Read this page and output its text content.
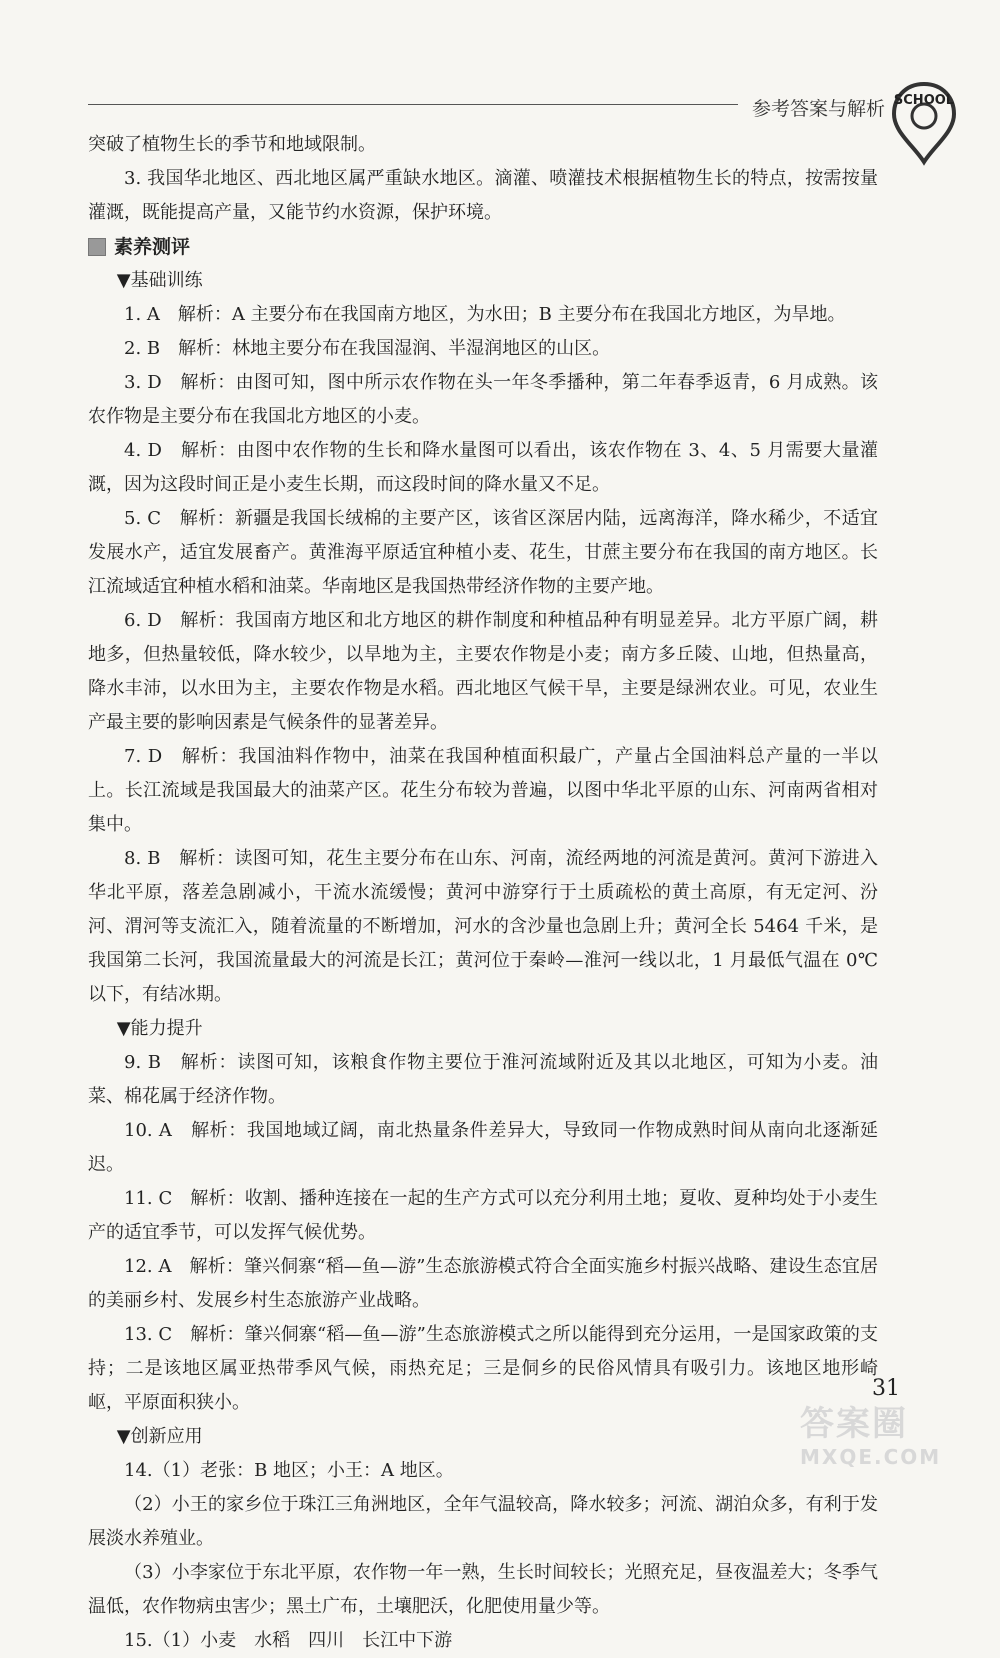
参考答案与解析 SCHOOL

突破了植物生长的季节和地域限制。

3. 我国华北地区、西北地区属严重缺水地区。滴灌、喷灌技术根据植物生长的特点，按需按量灌溉，既能提高产量，又能节约水资源，保护环境。

素养测评

▼基础训练

1. A　解析：A 主要分布在我国南方地区，为水田；B 主要分布在我国北方地区，为旱地。

2. B　解析：林地主要分布在我国湿润、半湿润地区的山区。

3. D　解析：由图可知，图中所示农作物在头一年冬季播种，第二年春季返青，6 月成熟。该农作物是主要分布在我国北方地区的小麦。

4. D　解析：由图中农作物的生长和降水量图可以看出，该农作物在 3、4、5 月需要大量灌溉，因为这段时间正是小麦生长期，而这段时间的降水量又不足。

5. C　解析：新疆是我国长绒棉的主要产区，该省区深居内陆，远离海洋，降水稀少，不适宜发展水产，适宜发展畜产。黄淮海平原适宜种植小麦、花生，甘蔗主要分布在我国的南方地区。长江流域适宜种植水稻和油菜。华南地区是我国热带经济作物的主要产地。

6. D　解析：我国南方地区和北方地区的耕作制度和种植品种有明显差异。北方平原广阔，耕地多，但热量较低，降水较少，以旱地为主，主要农作物是小麦；南方多丘陵、山地，但热量高，降水丰沛，以水田为主，主要农作物是水稻。西北地区气候干旱，主要是绿洲农业。可见，农业生产最主要的影响因素是气候条件的显著差异。

7. D　解析：我国油料作物中，油菜在我国种植面积最广，产量占全国油料总产量的一半以上。长江流域是我国最大的油菜产区。花生分布较为普遍，以图中华北平原的山东、河南两省相对集中。

8. B　解析：读图可知，花生主要分布在山东、河南，流经两地的河流是黄河。黄河下游进入华北平原，落差急剧减小，干流水流缓慢；黄河中游穿行于土质疏松的黄土高原，有无定河、汾河、渭河等支流汇入，随着流量的不断增加，河水的含沙量也急剧上升；黄河全长 5464 千米，是我国第二长河，我国流量最大的河流是长江；黄河位于秦岭—淮河一线以北，1 月最低气温在 0℃以下，有结冰期。

▼能力提升

9. B　解析：读图可知，该粮食作物主要位于淮河流域附近及其以北地区，可知为小麦。油菜、棉花属于经济作物。

10. A　解析：我国地域辽阔，南北热量条件差异大，导致同一作物成熟时间从南向北逐渐延迟。

11. C　解析：收割、播种连接在一起的生产方式可以充分利用土地；夏收、夏种均处于小麦生产的适宜季节，可以发挥气候优势。

12. A　解析：肇兴侗寨“稻—鱼—游”生态旅游模式符合全面实施乡村振兴战略、建设生态宜居的美丽乡村、发展乡村生态旅游产业战略。

13. C　解析：肇兴侗寨“稻—鱼—游”生态旅游模式之所以能得到充分运用，一是国家政策的支持；二是该地区属亚热带季风气候，雨热充足；三是侗乡的民俗风情具有吸引力。该地区地形崎岖，平原面积狭小。

▼创新应用

14.（1）老张：B 地区；小王：A 地区。

（2）小王的家乡位于珠江三角洲地区，全年气温较高，降水较多；河流、湖泊众多，有利于发展淡水养殖业。

（3）小李家位于东北平原，农作物一年一熟，生长时间较长；光照充足，昼夜温差大；冬季气温低，农作物病虫害少；黑土广布，土壤肥沃，化肥使用量少等。

15.（1）小麦　水稻　四川　长江中下游

31
答案圈
MXQE.COM
